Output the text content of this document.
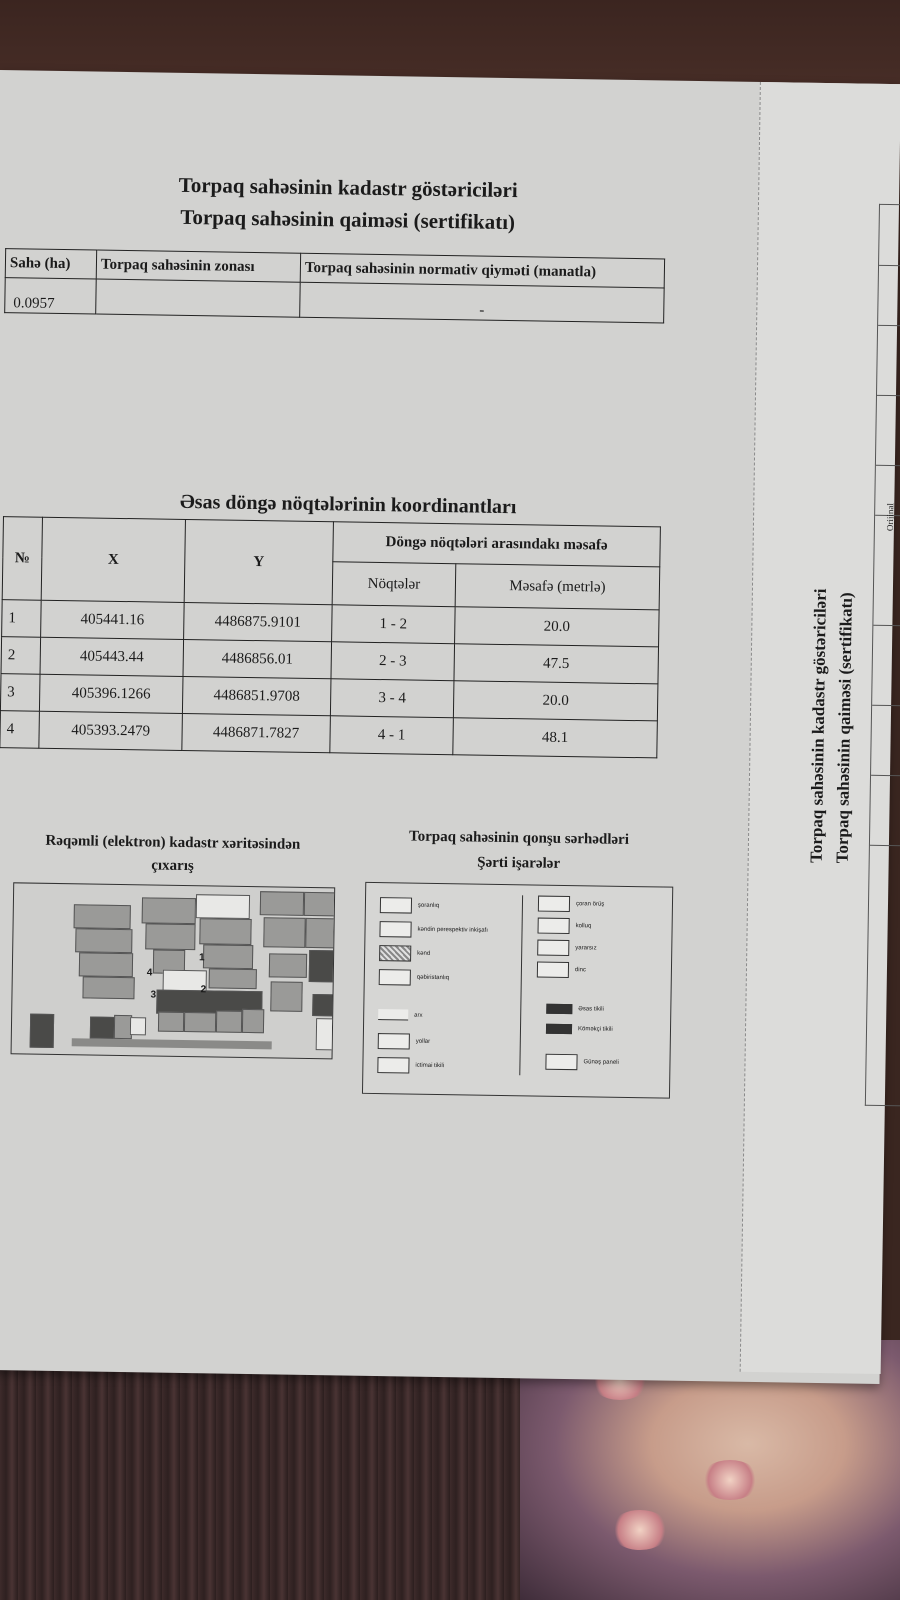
Torpaq sahəsinin kadastr göstəriciləri
Torpaq sahəsinin qaiməsi (sertifikatı)
Sahə (ha)	Torpaq sahəsinin zonası	Torpaq sahəsinin normativ qiyməti (manatla)
0.0957		-
Əsas döngə nöqtələrinin koordinantları
№	X	Y	Döngə nöqtələri arasındakı məsafə	
			Nöqtələr	Məsafə (metrlə)
1	405441.16	4486875.9101	1 - 2	20.0
2	405443.44	4486856.01	2 - 3	47.5
3	405396.1266	4486851.9708	3 - 4	20.0
4	405393.2479	4486871.7827	4 - 1	48.1
Rəqəmli (elektron) kadastr xəritəsindən
çıxarış
1
2
3
4
Torpaq sahəsinin qonşu sərhədləri
Şərti işarələr
şoranlıq
kəndin perespektiv inkişafı
kənd
qəbiristanlıq
arx
yollar
ictimai tikili
çoran örüş
kolluq
yararsız
dinc
Əsas tikili
Köməkçi tikili
Günəş paneli
Orijinal
Torpaq sahəsinin kadastr göstəriciləri Torpaq sahəsinin qaiməsi (sertifikatı)
